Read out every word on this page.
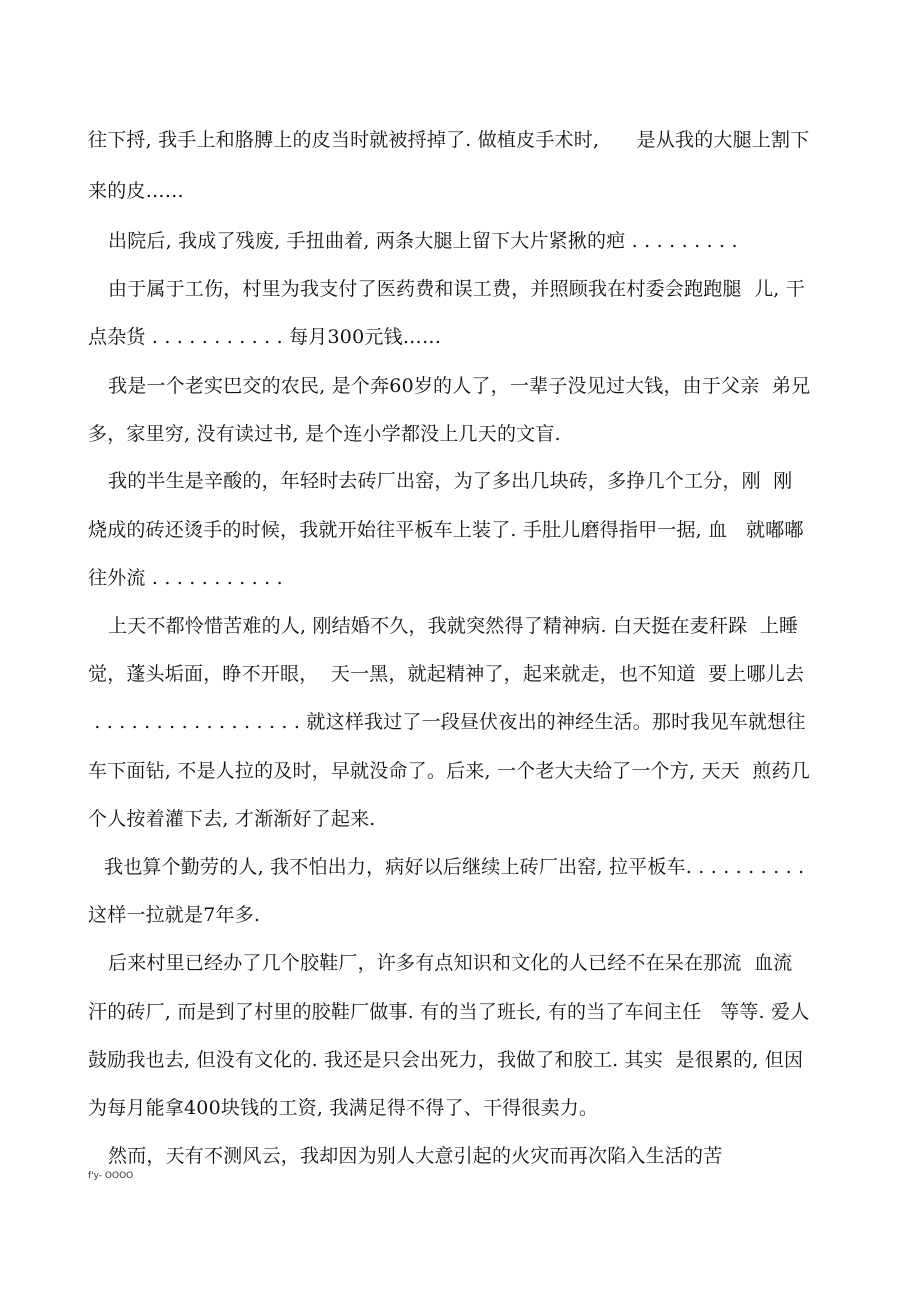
往下捋, 我手上和胳膊上的皮当时就被捋掉了. 做植皮手术时,      是从我的大腿上割下
来的皮……
出院后, 我成了残废, 手扭曲着, 两条大腿上留下大片紧揪的疤 . . . . . . . . .
由于属于工伤，村里为我支付了医药费和误工费，并照顾我在村委会跑跑腿  儿, 干
点杂货 . . . . . . . . . . . 每月300元钱……
我是一个老实巴交的农民, 是个奔60岁的人了，一辈子没见过大钱，由于父亲  弟兄
多，家里穷, 没有读过书, 是个连小学都没上几天的文盲.
我的半生是辛酸的，年轻时去砖厂出窑，为了多出几块砖，多挣几个工分，刚  刚
烧成的砖还烫手的时候，我就开始往平板车上装了. 手肚儿磨得指甲一据, 血   就嘟嘟
往外流 . . . . . . . . . . .
上天不都怜惜苦难的人, 刚结婚不久，我就突然得了精神病. 白天挺在麦秆跺  上睡
觉，蓬头垢面，睁不开眼，  天一黑，就起精神了，起来就走，也不知道  要上哪儿去
. . . . . . . . . . . . . . . . . 就这样我过了一段昼伏夜出的神经生活。那时我见车就想往
车下面钻, 不是人拉的及时，早就没命了。后来, 一个老大夫给了一个方, 天天  煎药几
个人按着灌下去, 才渐渐好了起来.
我也算个勤劳的人, 我不怕出力，病好以后继续上砖厂出窑, 拉平板车. . . . . . . . . .
这样一拉就是7年多.
后来村里已经办了几个胶鞋厂，许多有点知识和文化的人已经不在呆在那流  血流
汗的砖厂, 而是到了村里的胶鞋厂做事. 有的当了班长, 有的当了车间主任   等等. 爱人
鼓励我也去, 但没有文化的. 我还是只会出死力，我做了和胶工. 其实  是很累的, 但因
为每月能拿400块钱的工资, 我满足得不得了、干得很卖力。
然而，天有不测风云，我却因为别人大意引起的火灾而再次陷入生活的苦
f'y- OOOO
